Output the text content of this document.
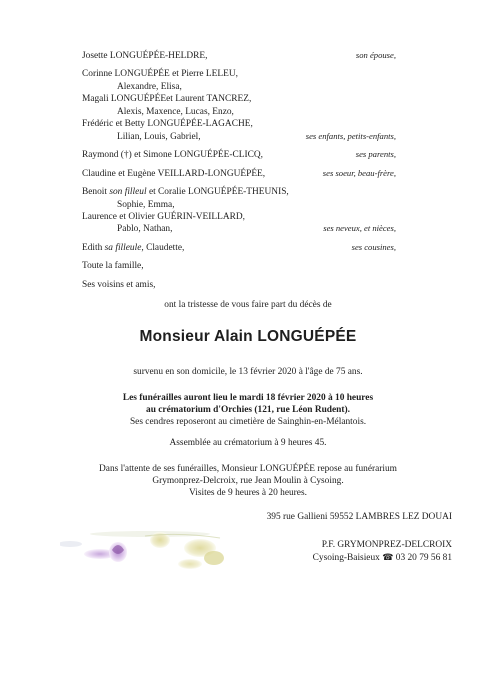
Josette LONGUÉPÉE-HELDRE,
Corinne LONGUÉPÉE et Pierre LELEU,
Alexandre, Elisa,
Magali LONGUÉPÉEet Laurent TANCREZ,
Alexis, Maxence, Lucas, Enzo,
Frédéric et Betty LONGUÉPÉE-LAGACHE,
Lilian, Louis, Gabriel,
Raymond (†) et Simone LONGUÉPÉE-CLICQ,
Claudine et Eugène VEILLARD-LONGUÉPÉE,
Benoit son filleul et Coralie LONGUÉPÉE-THEUNIS,
Sophie, Emma,
Laurence et Olivier GUÉRIN-VEILLARD,
Pablo, Nathan,
Edith sa filleule, Claudette,
Toute la famille,
Ses voisins et amis,
son épouse,
ses enfants, petits-enfants,
ses parents,
ses soeur, beau-frère,
ses neveux, et nièces,
ses cousines,
ont la tristesse de vous faire part du décès de
Monsieur Alain LONGUÉPÉE
survenu en son domicile, le 13 février 2020 à l'âge de 75 ans.
Les funérailles auront lieu le mardi 18 février 2020 à 10 heures
au crématorium d'Orchies (121, rue Léon Rudent).
Ses cendres reposeront au cimetière de Sainghin-en-Mélantois.
Assemblée au crématorium à 9 heures 45.
Dans l'attente de ses funérailles, Monsieur LONGUÉPÉE repose au funérarium
Grymonprez-Delcroix, rue Jean Moulin à Cysoing.
Visites de 9 heures à 20 heures.
395 rue Gallieni 59552 LAMBRES LEZ DOUAI
P.F. GRYMONPREZ-DELCROIX
Cysoing-Baisieux ☎ 03 20 79 56 81
